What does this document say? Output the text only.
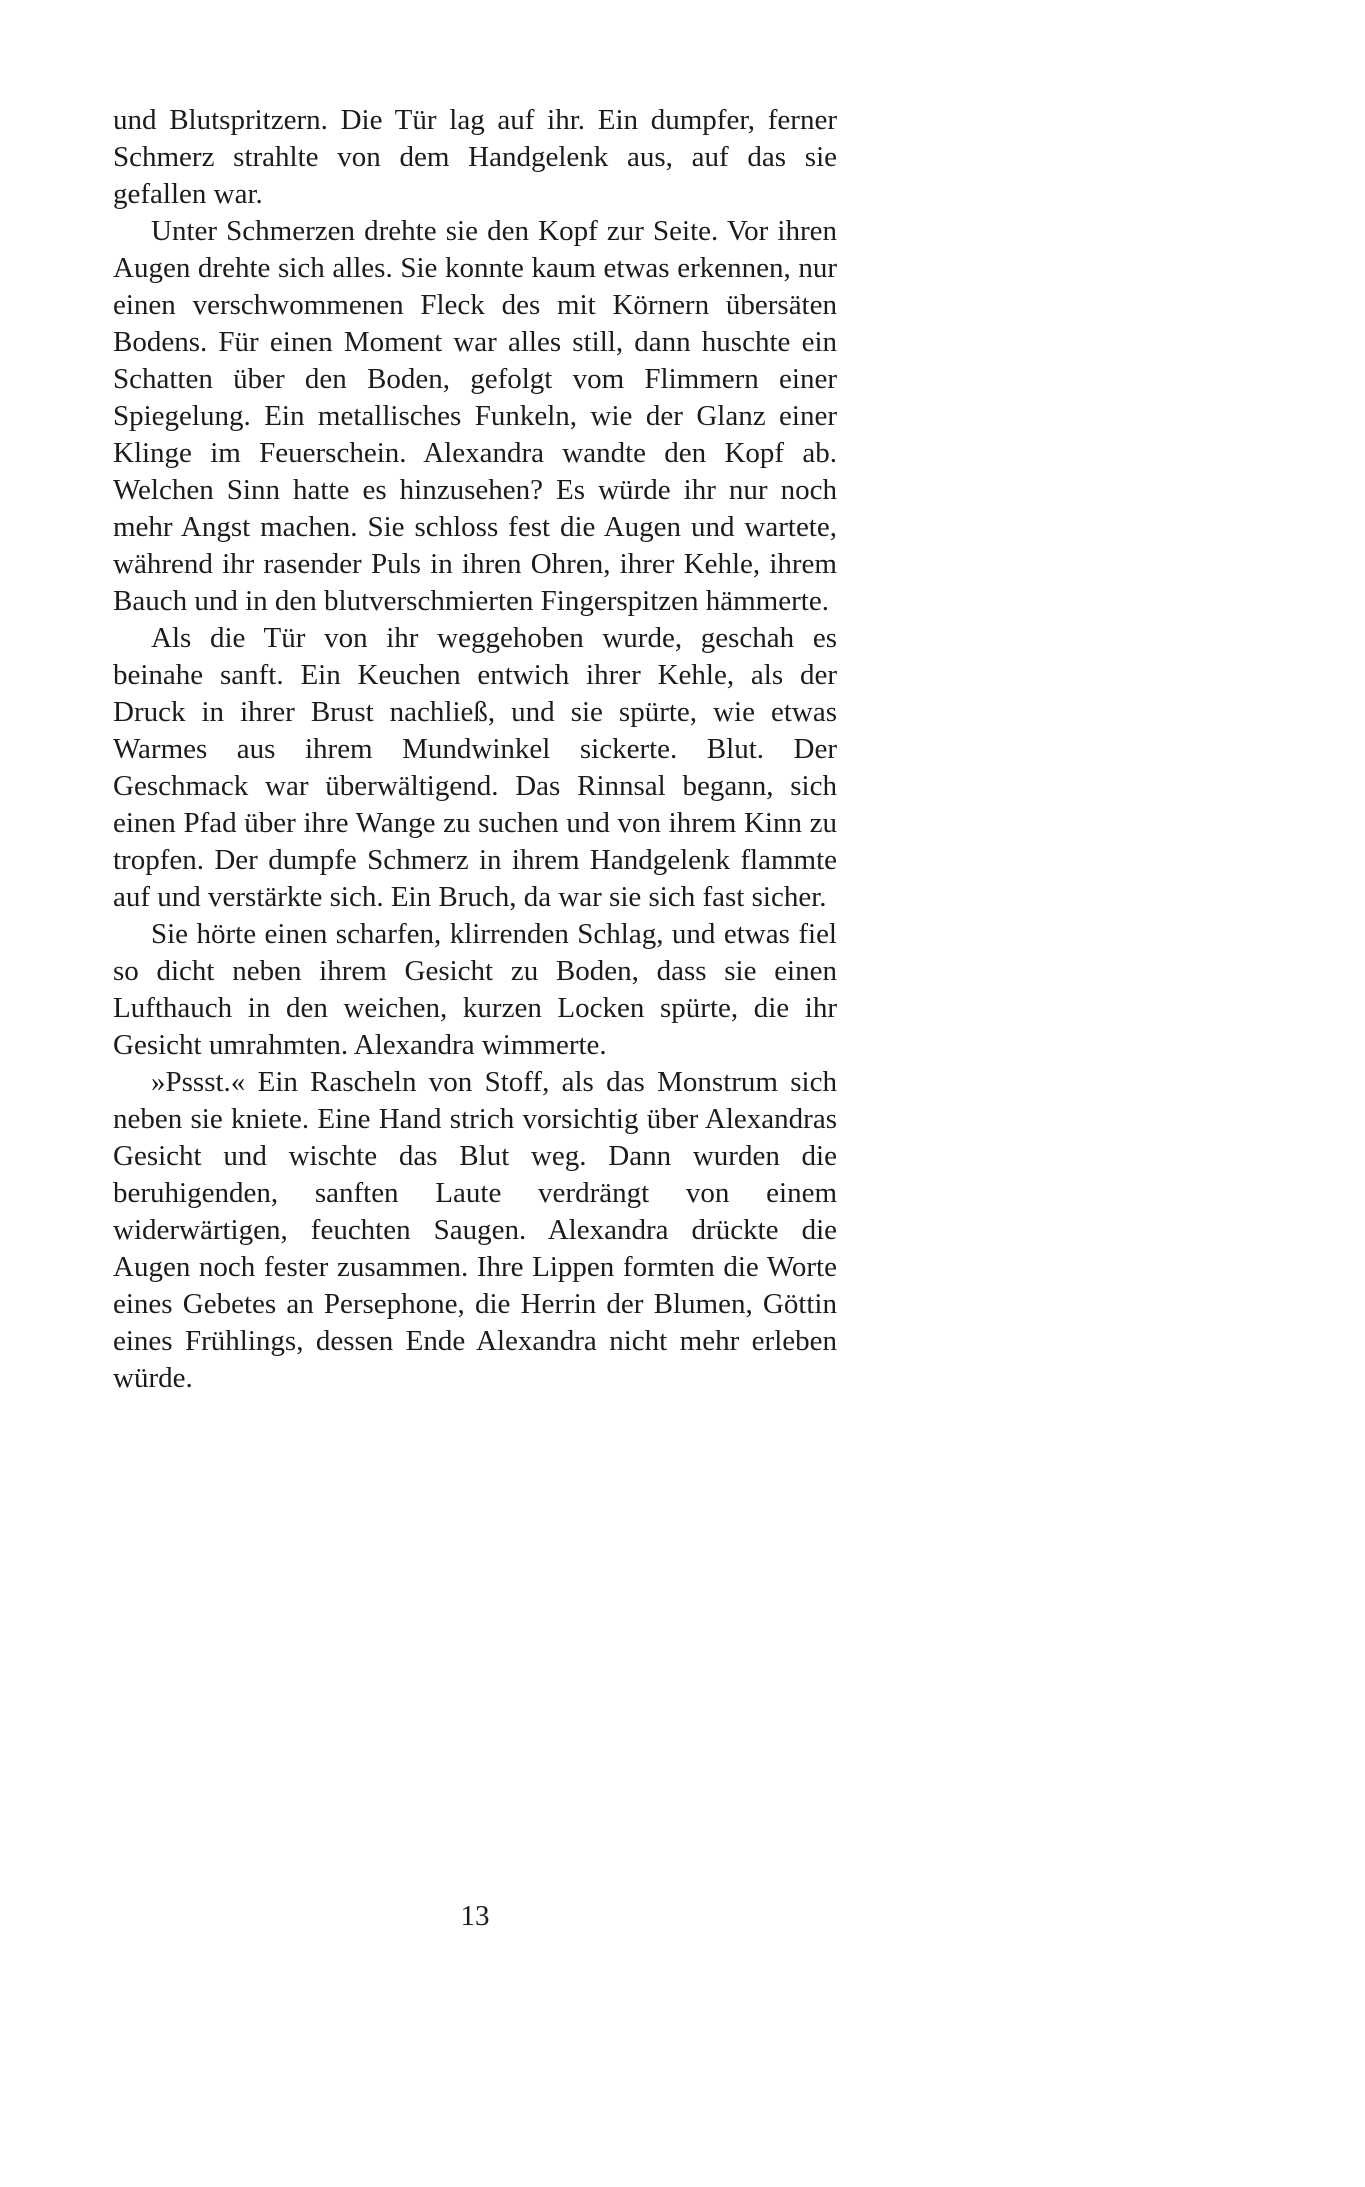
und Blutspritzern. Die Tür lag auf ihr. Ein dumpfer, ferner Schmerz strahlte von dem Handgelenk aus, auf das sie gefallen war.

Unter Schmerzen drehte sie den Kopf zur Seite. Vor ihren Augen drehte sich alles. Sie konnte kaum etwas erkennen, nur einen verschwommenen Fleck des mit Körnern übersäten Bodens. Für einen Moment war alles still, dann huschte ein Schatten über den Boden, gefolgt vom Flimmern einer Spiegelung. Ein metallisches Funkeln, wie der Glanz einer Klinge im Feuerschein. Alexandra wandte den Kopf ab. Welchen Sinn hatte es hinzusehen? Es würde ihr nur noch mehr Angst machen. Sie schloss fest die Augen und wartete, während ihr rasender Puls in ihren Ohren, ihrer Kehle, ihrem Bauch und in den blutverschmierten Fingerspitzen hämmerte.

Als die Tür von ihr weggehoben wurde, geschah es beinahe sanft. Ein Keuchen entwich ihrer Kehle, als der Druck in ihrer Brust nachließ, und sie spürte, wie etwas Warmes aus ihrem Mundwinkel sickerte. Blut. Der Geschmack war überwältigend. Das Rinnsal begann, sich einen Pfad über ihre Wange zu suchen und von ihrem Kinn zu tropfen. Der dumpfe Schmerz in ihrem Handgelenk flammte auf und verstärkte sich. Ein Bruch, da war sie sich fast sicher.

Sie hörte einen scharfen, klirrenden Schlag, und etwas fiel so dicht neben ihrem Gesicht zu Boden, dass sie einen Lufthauch in den weichen, kurzen Locken spürte, die ihr Gesicht umrahmten. Alexandra wimmerte.

»Pssst.« Ein Rascheln von Stoff, als das Monstrum sich neben sie kniete. Eine Hand strich vorsichtig über Alexandras Gesicht und wischte das Blut weg. Dann wurden die beruhigenden, sanften Laute verdrängt von einem widerwärtigen, feuchten Saugen. Alexandra drückte die Augen noch fester zusammen. Ihre Lippen formten die Worte eines Gebetes an Persephone, die Herrin der Blumen, Göttin eines Frühlings, dessen Ende Alexandra nicht mehr erleben würde.

13
